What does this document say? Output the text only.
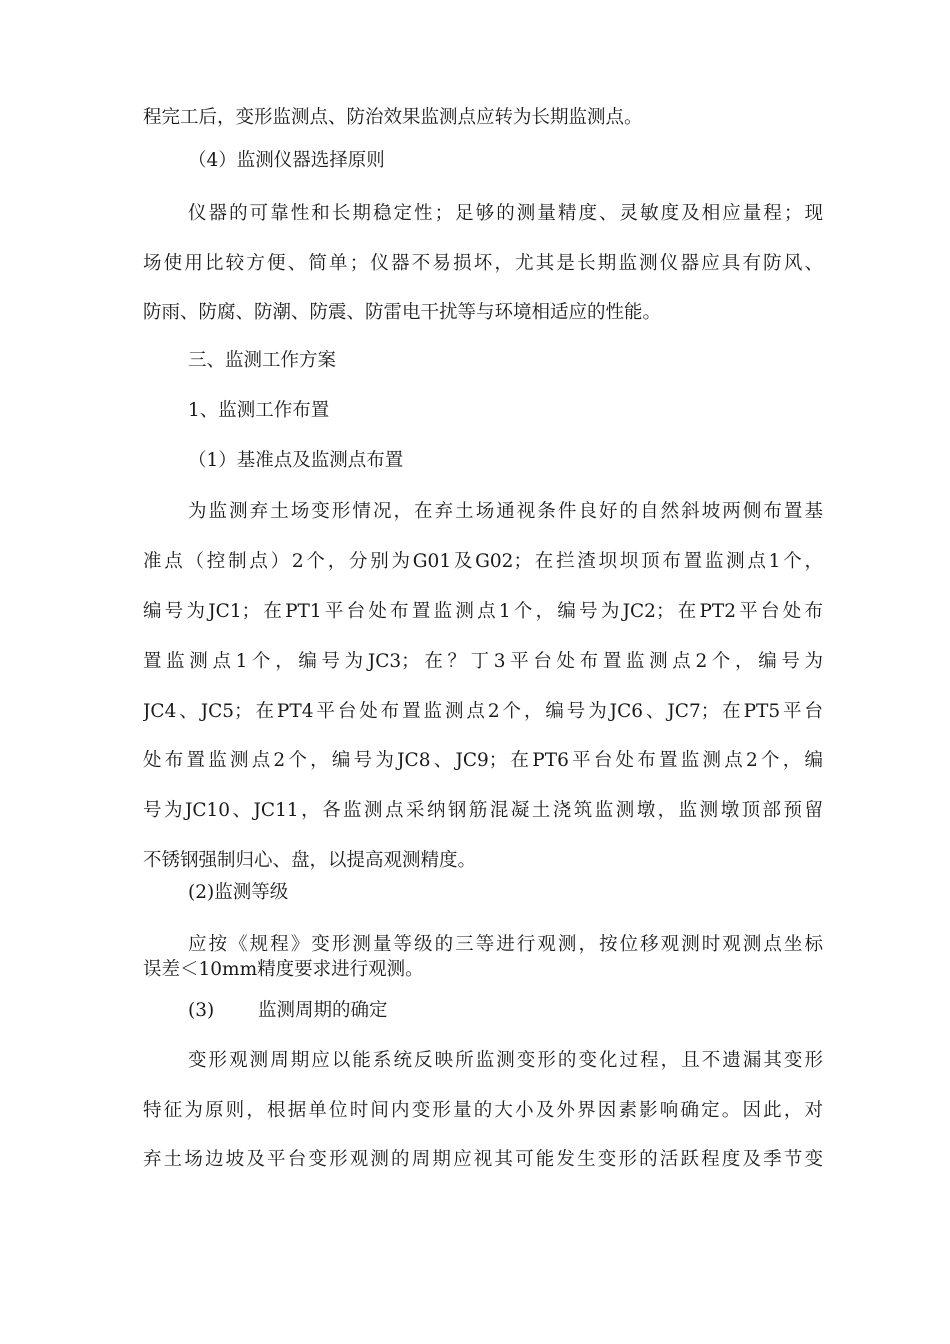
程完工后，变形监测点、防治效果监测点应转为长期监测点。
（4）监测仪器选择原则
仪器的可靠性和长期稳定性；足够的测量精度、灵敏度及相应量程；现
场使用比较方便、简单；仪器不易损坏，尤其是长期监测仪器应具有防风、
防雨、防腐、防潮、防震、防雷电干扰等与环境相适应的性能。
三、监测工作方案
1、监测工作布置
（1）基准点及监测点布置
为监测弃土场变形情况，在弃土场通视条件良好的自然斜坡两侧布置基
准点（控制点）2个，分别为G01及G02；在拦渣坝坝顶布置监测点1个，
编号为JC1；在PT1平台处布置监测点1个，编号为JC2；在PT2平台处布
置监测点1个，编号为JC3；在？丁3平台处布置监测点2个，编号为
JC4、JC5；在PT4平台处布置监测点2个，编号为JC6、JC7；在PT5平台
处布置监测点2个，编号为JC8、JC9；在PT6平台处布置监测点2个，编
号为JC10、JC11，各监测点采纳钢筋混凝土浇筑监测墩，监测墩顶部预留
不锈钢强制归心、盘，以提高观测精度。
(2)监测等级
应按《规程》变形测量等级的三等进行观测，按位移观测时观测点坐标
误差＜10mm精度要求进行观测。
(3) 监测周期的确定
变形观测周期应以能系统反映所监测变形的变化过程，且不遗漏其变形
特征为原则，根据单位时间内变形量的大小及外界因素影响确定。因此，对
弃土场边坡及平台变形观测的周期应视其可能发生变形的活跃程度及季节变
